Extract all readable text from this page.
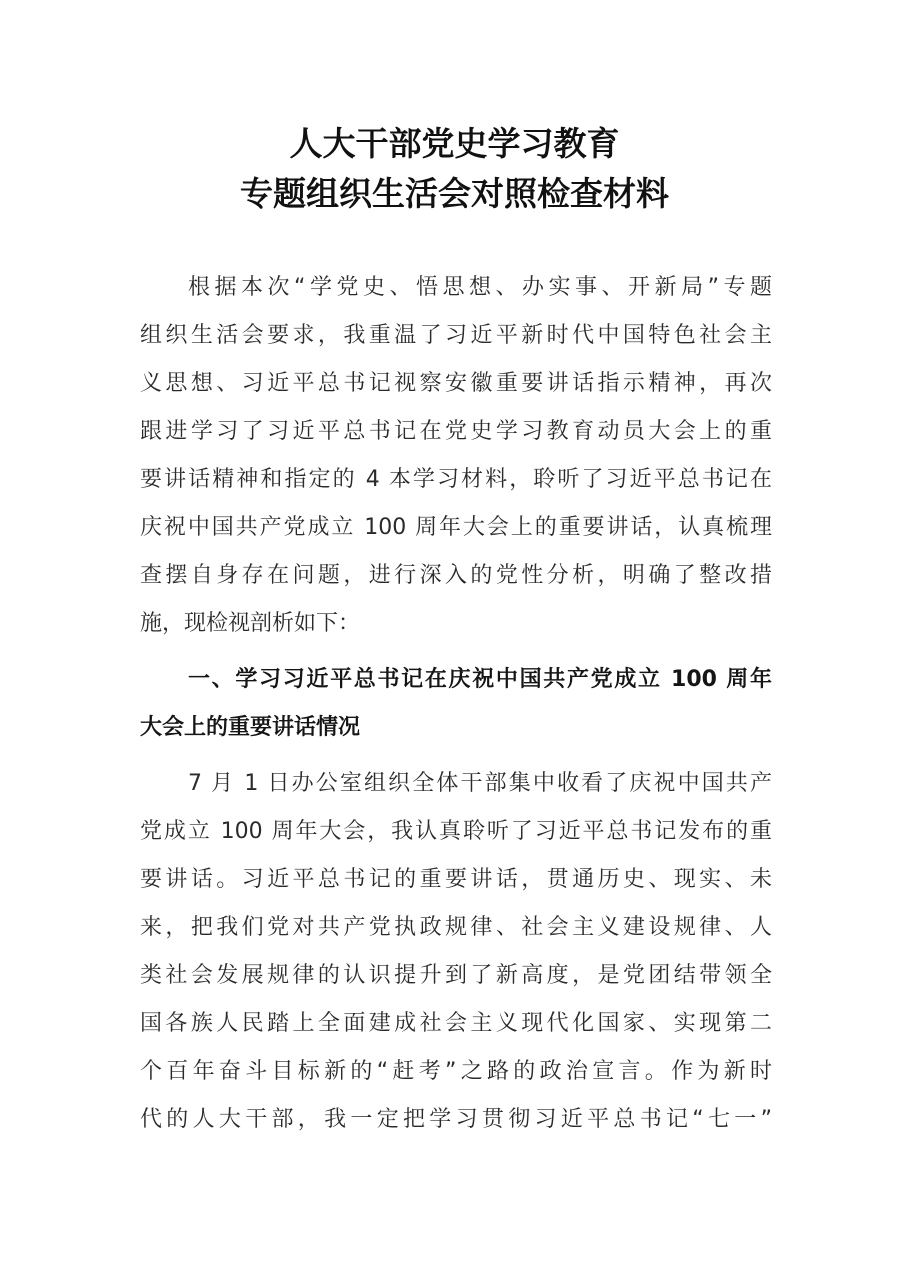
人大干部党史学习教育
专题组织生活会对照检查材料
根据本次“学党史、悟思想、办实事、开新局”专题
组织生活会要求，我重温了习近平新时代中国特色社会主
义思想、习近平总书记视察安徽重要讲话指示精神，再次
跟进学习了习近平总书记在党史学习教育动员大会上的重
要讲话精神和指定的 4 本学习材料，聆听了习近平总书记在
庆祝中国共产党成立 100 周年大会上的重要讲话，认真梳理
查摆自身存在问题，进行深入的党性分析，明确了整改措
施，现检视剖析如下：
一、学习习近平总书记在庆祝中国共产党成立 100 周年
大会上的重要讲话情况
7 月 1 日办公室组织全体干部集中收看了庆祝中国共产
党成立 100 周年大会，我认真聆听了习近平总书记发布的重
要讲话。习近平总书记的重要讲话，贯通历史、现实、未
来，把我们党对共产党执政规律、社会主义建设规律、人
类社会发展规律的认识提升到了新高度，是党团结带领全
国各族人民踏上全面建成社会主义现代化国家、实现第二
个百年奋斗目标新的“赶考”之路的政治宣言。作为新时
代的人大干部，我一定把学习贯彻习近平总书记“七一”
